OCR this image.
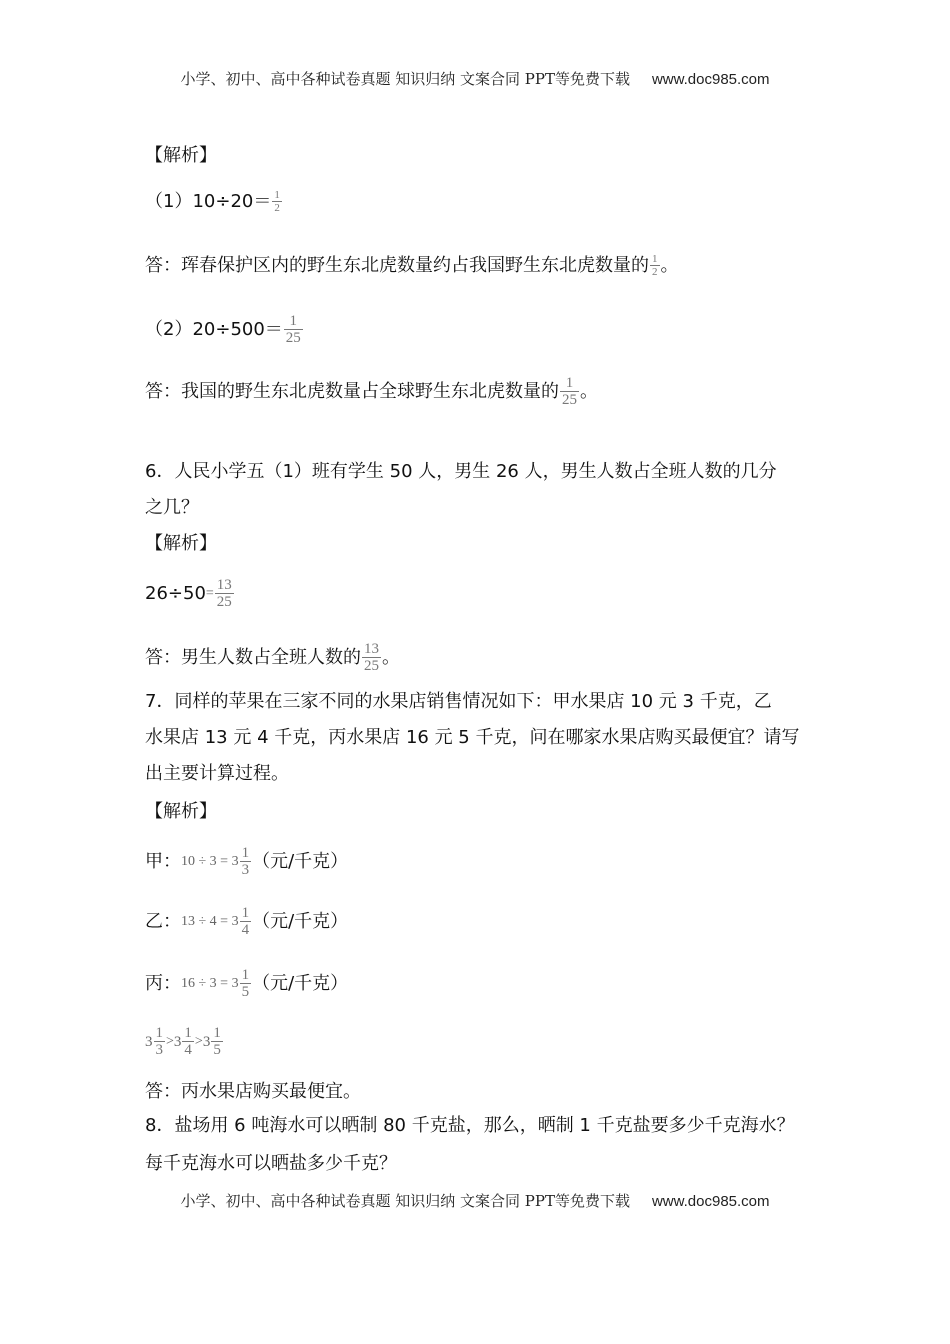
小学、初中、高中各种试卷真题 知识归纳 文案合同 PPT等免费下载 www.doc985.com
【解析】
$(1)10\div 20= \frac{1}{2}$
答：珲春保护区内的野生东北虎数量约占我国野生东北虎数量的 $\frac{1}{2}$ 。
$(2)20\div 500= \frac{1}{25}$
答：我国的野生东北虎数量占全球野生东北虎数量的 $\frac{1}{25}$ 。
6．人民小学五（1）班有学生 50 人，男生 26 人，男生人数占全班人数的几分
之几？
【解析】
$26\div 50= \frac{13}{25}$
答：男生人数占全班人数的 $\frac{13}{25}$ 。
7．同样的苹果在三家不同的水果店销售情况如下：甲水果店 10 元 3 千克，乙
水果店 13 元 4 千克，丙水果店 16 元 5 千克，问在哪家水果店购买最便宜？请写
出主要计算过程。
【解析】
甲：$10 \div 3 = 3 \frac{1}{3}$ （元/千克）
乙：$13 \div 4 = 3 \frac{1}{4}$ （元/千克）
丙：$16 \div 3 = 3 \frac{1}{5}$ （元/千克）
$3 \frac{1}{3} >3 \frac{1}{4} >3 \frac{1}{5}$
答：丙水果店购买最便宜。
8．盐场用 6 吨海水可以晒制 80 千克盐，那么，晒制 1 千克盐要多少千克海水？
每千克海水可以晒盐多少千克？
小学、初中、高中各种试卷真题 知识归纳 文案合同 PPT等免费下载 www.doc985.com
